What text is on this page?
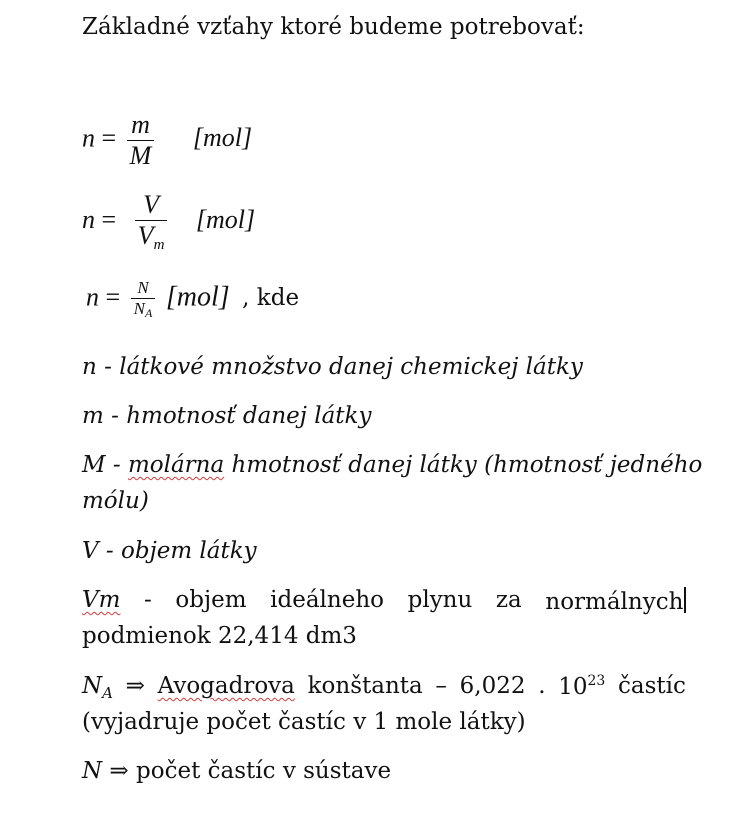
Základné vzťahy ktoré budeme potrebovať:
$n = \frac{m}{M} [mol]$
$n = \frac{V}{V_m} [mol]$
$n = \frac{N}{N_A} [mol]$ , kde
n - látkové množstvo danej chemickej látky
m - hmotnosť danej látky
M - molárna hmotnosť danej látky (hmotnosť jedného
mólu)
V - objem látky
Vm - objem ideálneho plynu za normálnych
podmienok 22,414 dm3
$N_A$ ⇒ Avogadrova konštanta – 6,022 . $10^{23}$ častíc
(vyjadruje počet častíc v 1 mole látky)
N ⇒ počet častíc v sústave
